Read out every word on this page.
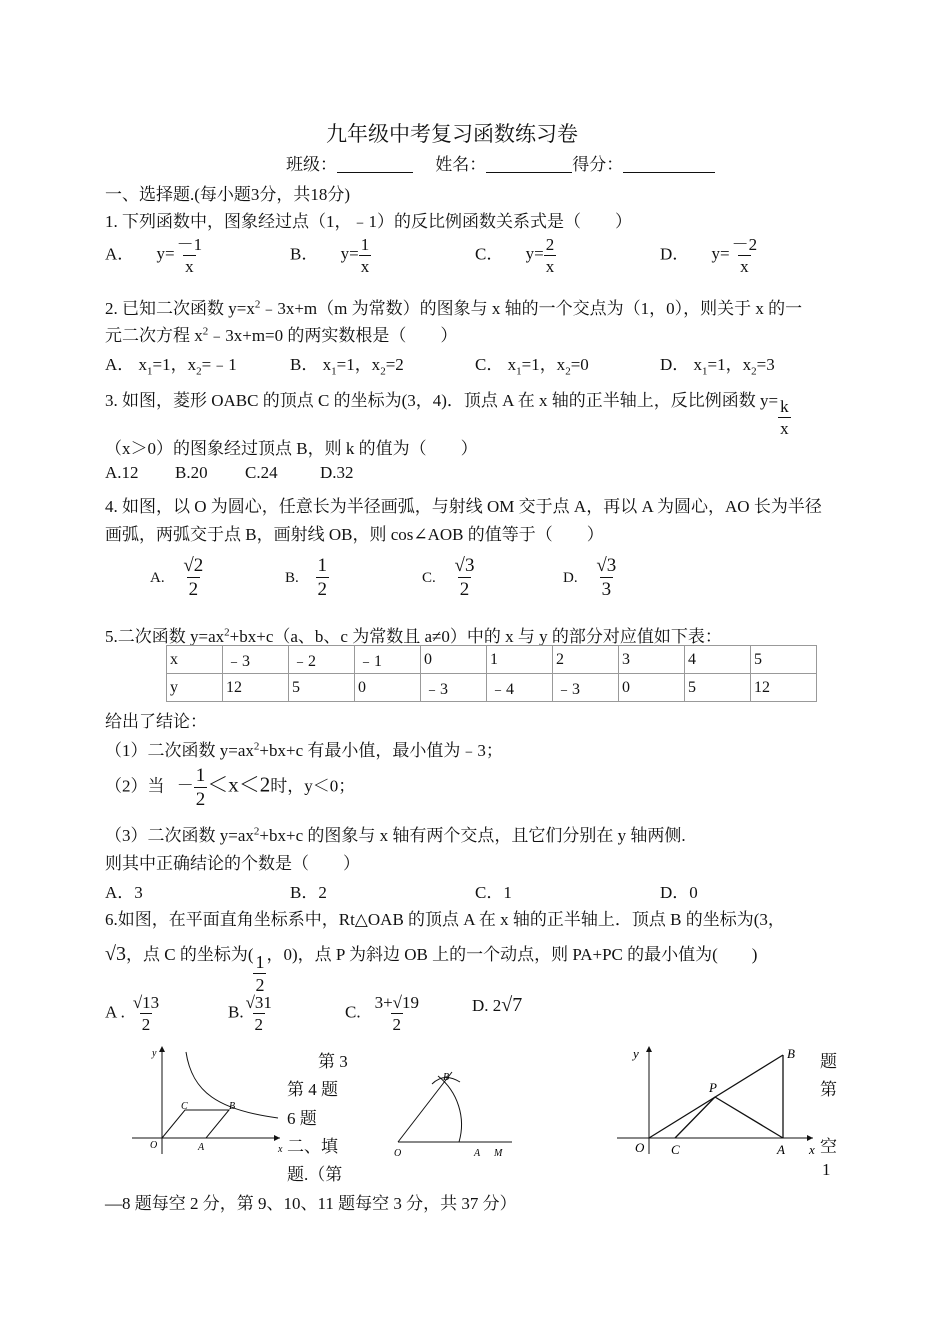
九年级中考复习函数练习卷
班级：	姓名：	得分：
一、选择题.(每小题3分，共18分)
1. 下列函数中，图象经过点（1，﹣1）的反比例函数关系式是（　　）
A． $y= \frac{-1}{x}$	B． $y= \frac{1}{x}$	C． $y= \frac{2}{x}$	D． $y= \frac{-2}{x}$
2. 已知二次函数 $y=x^2﹣3x+m(m$ 为常数）的图象与 x 轴的一个交点为（1，0），则关于 x 的一
元二次方程 $x^2﹣3x+m=0$ 的两实数根是（　　）
A． $x_1=1$，$x_2=﹣1$	B． $x_1=1$，$x_2=2$	C． $x_1=1$，$x_2=0$	D． $x_1=1$，$x_2=3$
3. 如图，菱形 OABC 的顶点 C 的坐标为(3，4)．顶点 A 在 x 轴的正半轴上，反比例函数 $y= \frac{k}{x}$
（x＞0）的图象经过顶点 B，则 k 的值为（　　）
A.12 B.20 C.24 D.32
4. 如图，以 O 为圆心，任意长为半径画弧，与射线 OM 交于点 A，再以 A 为圆心，AO 长为半径
画弧，两弧交于点 B，画射线 OB，则 cos∠AOB 的值等于（　　）
A. $\frac{√2}{2}$	B. $\frac{1}{2}$	C. $\frac{√3}{2}$	D. $\frac{√3}{3}$
5.二次函数 $y=ax^2+bx+c(a$、b、c 为常数且 a≠0）中的 x 与 y 的部分对应值如下表：
x	﹣3	﹣2	﹣1	0	1	2	3	4	5
y	12	5	0	﹣3	﹣4	﹣3	0	5	12
给出了结论：
（1）二次函数 $y=ax^2+bx+c$ 有最小值，最小值为﹣3；
（2）当 － $\frac{1}{2} <x<2$时，y＜0；
（3）二次函数 $y=ax^2+bx+c$ 的图象与 x 轴有两个交点，且它们分别在 y 轴两侧.
则其中正确结论的个数是（　　）
A．3	B．2	C．1	D．0
6.如图，在平面直角坐标系中，Rt△OAB 的顶点 A 在 x 轴的正半轴上．顶点 B 的坐标为(3，
√3，点 C 的坐标为( $\frac{1}{2}$ ，0)，点 P 为斜边 OB 上的一个动点，则 PA+PC 的最小值为(　　)
A . $\frac{√13}{2}$	B. $\frac{√31}{2}$	C. $\frac{3+√19}{2}$	D. 2√7
y
x
O	A
B
C
O	A M
B
y
x
O C	A
B
P
第 3
第 4 题
6 题
二、填
题.（第
题
第
空
1
—8 题每空 2 分，第 9、10、11 题每空 3 分，共 37 分）
